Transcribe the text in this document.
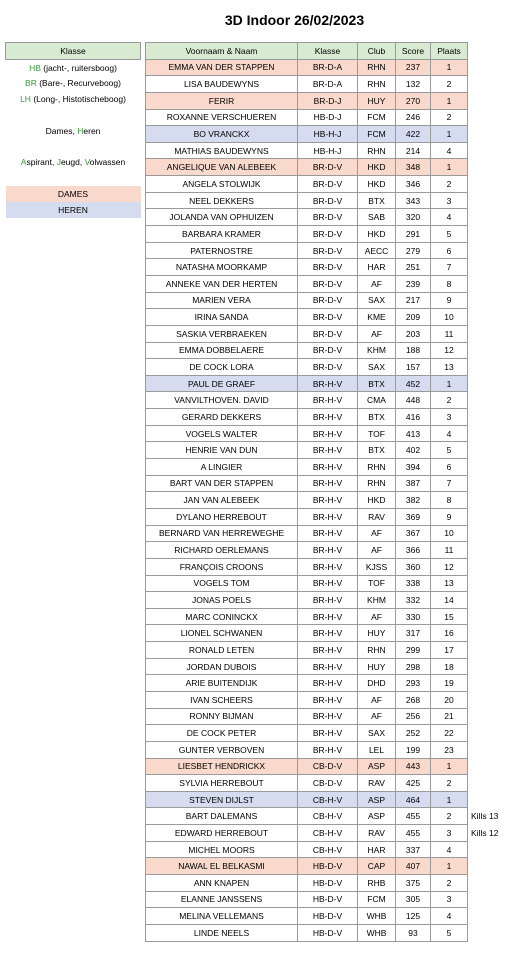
3D Indoor 26/02/2023
Klasse
HB (jacht-, ruitersboog)
BR (Bare-, Recurveboog)
LH (Long-, Histotischeboog)

Dames, Heren

Aspirant, Jeugd, Volwassen

DAMES
HEREN
Voornaam & Naam	Klasse	Club	Score	Plaats	
EMMA VAN DER STAPPEN	BR-D-A	RHN	237	1	
LISA BAUDEWYNS	BR-D-A	RHN	132	2	
FERIR	BR-D-J	HUY	270	1	
ROXANNE VERSCHUEREN	HB-D-J	FCM	246	2	
BO VRANCKX	HB-H-J	FCM	422	1	
MATHIAS BAUDEWYNS	HB-H-J	RHN	214	4	
ANGELIQUE VAN ALEBEEK	BR-D-V	HKD	348	1	
ANGELA STOLWIJK	BR-D-V	HKD	346	2	
NEEL DEKKERS	BR-D-V	BTX	343	3	
JOLANDA VAN OPHUIZEN	BR-D-V	SAB	320	4	
BARBARA KRAMER	BR-D-V	HKD	291	5	
PATERNOSTRE	BR-D-V	AECC	279	6	
NATASHA MOORKAMP	BR-D-V	HAR	251	7	
ANNEKE VAN DER HERTEN	BR-D-V	AF	239	8	
MARIEN VERA	BR-D-V	SAX	217	9	
IRINA SANDA	BR-D-V	KME	209	10	
SASKIA VERBRAEKEN	BR-D-V	AF	203	11	
EMMA DOBBELAERE	BR-D-V	KHM	188	12	
DE COCK LORA	BR-D-V	SAX	157	13	
PAUL DE GRAEF	BR-H-V	BTX	452	1	
VANVILTHOVEN. DAVID	BR-H-V	CMA	448	2	
GERARD DEKKERS	BR-H-V	BTX	416	3	
VOGELS WALTER	BR-H-V	TOF	413	4	
HENRIE VAN DUN	BR-H-V	BTX	402	5	
A LINGIER	BR-H-V	RHN	394	6	
BART VAN DER STAPPEN	BR-H-V	RHN	387	7	
JAN VAN ALEBEEK	BR-H-V	HKD	382	8	
DYLANO HERREBOUT	BR-H-V	RAV	369	9	
BERNARD VAN HERREWEGHE	BR-H-V	AF	367	10	
RICHARD OERLEMANS	BR-H-V	AF	366	11	
FRANÇOIS CROONS	BR-H-V	KJSS	360	12	
VOGELS TOM	BR-H-V	TOF	338	13	
JONAS POELS	BR-H-V	KHM	332	14	
MARC CONINCKX	BR-H-V	AF	330	15	
LIONEL SCHWANEN	BR-H-V	HUY	317	16	
RONALD LETEN	BR-H-V	RHN	299	17	
JORDAN DUBOIS	BR-H-V	HUY	298	18	
ARIE BUITENDIJK	BR-H-V	DHD	293	19	
IVAN SCHEERS	BR-H-V	AF	268	20	
RONNY BIJMAN	BR-H-V	AF	256	21	
DE COCK PETER	BR-H-V	SAX	252	22	
GUNTER VERBOVEN	BR-H-V	LEL	199	23	
LIESBET HENDRICKX	CB-D-V	ASP	443	1	
SYLVIA HERREBOUT	CB-D-V	RAV	425	2	
STEVEN DIJLST	CB-H-V	ASP	464	1	
BART DALEMANS	CB-H-V	ASP	455	2	Kills 13
EDWARD HERREBOUT	CB-H-V	RAV	455	3	Kills 12
MICHEL MOORS	CB-H-V	HAR	337	4	
NAWAL EL BELKASMI	HB-D-V	CAP	407	1	
ANN KNAPEN	HB-D-V	RHB	375	2	
ELANNE JANSSENS	HB-D-V	FCM	305	3	
MELINA VELLEMANS	HB-D-V	WHB	125	4	
LINDE NEELS	HB-D-V	WHB	93	5	
